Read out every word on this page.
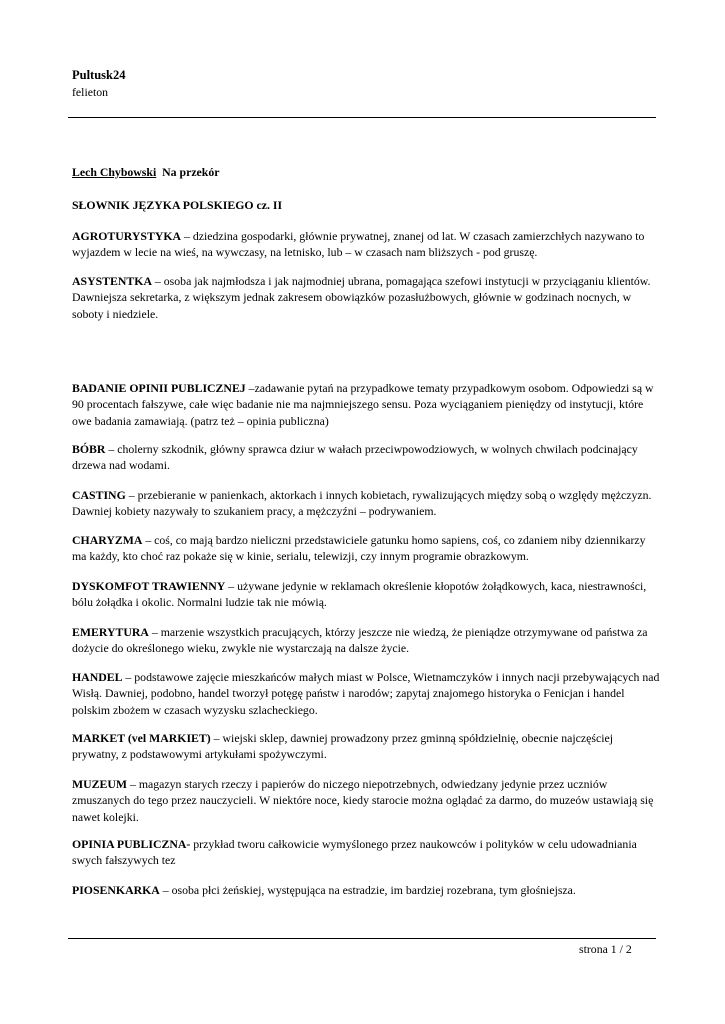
Pultusk24
felieton
Lech Chybowski Na przekór
SŁOWNIK JĘZYKA POLSKIEGO cz. II

AGROTURYSTYKA – dziedzina gospodarki, głównie prywatnej, znanej od lat. W czasach zamierzchłych nazywano to wyjazdem w lecie na wieś, na wywczasy, na letnisko, lub – w czasach nam bliższych - pod gruszę.

ASYSTENTKA – osoba jak najmłodsza i jak najmodniej ubrana, pomagająca szefowi instytucji w przyciąganiu klientów. Dawniejsza sekretarka, z większym jednak zakresem obowiązków pozasłużbowych, głównie w godzinach nocnych, w soboty i niedziele.

BADANIE OPINII PUBLICZNEJ –zadawanie pytań na przypadkowe tematy przypadkowym osobom. Odpowiedzi są w 90 procentach fałszywe, całe więc badanie nie ma najmniejszego sensu. Poza wyciąganiem pieniędzy od instytucji, które owe badania zamawiają. (patrz też – opinia publiczna)

BÓBR – cholerny szkodnik, główny sprawca dziur w wałach przeciwpowodziowych, w wolnych chwilach podcinający drzewa nad wodami.

CASTING – przebieranie w panienkach, aktorkach i innych kobietach, rywalizujących między sobą o względy mężczyzn. Dawniej kobiety nazywały to szukaniem pracy, a mężczyźni – podrywaniem.

CHARYZMA – coś, co mają bardzo nieliczni przedstawiciele gatunku homo sapiens, coś, co zdaniem niby dziennikarzy ma każdy, kto choć raz pokaże się w kinie, serialu, telewizji, czy innym programie obrazkowym.

DYSKOMFOT TRAWIENNY – używane jedynie w reklamach określenie kłopotów żołądkowych, kaca, niestrawności, bólu żołądka i okolic. Normalni ludzie tak nie mówią.

EMERYTURA – marzenie wszystkich pracujących, którzy jeszcze nie wiedzą, że pieniądze otrzymywane od państwa za dożycie do określonego wieku, zwykle nie wystarczają na dalsze życie.

HANDEL – podstawowe zajęcie mieszkańców małych miast w Polsce, Wietnamczyków i innych nacji przebywających nad Wisłą. Dawniej, podobno, handel tworzył potęgę państw i narodów; zapytaj znajomego historyka o Fenicjan i handel polskim zbożem w czasach wyzysku szlacheckiego.

MARKET (vel MARKIET) – wiejski sklep, dawniej prowadzony przez gminną spółdzielnię, obecnie najczęściej prywatny, z podstawowymi artykułami spożywczymi.

MUZEUM – magazyn starych rzeczy i papierów do niczego niepotrzebnych, odwiedzany jedynie przez uczniów zmuszanych do tego przez nauczycieli. W niektóre noce, kiedy starocie można oglądać za darmo, do muzeów ustawiają się nawet kolejki.

OPINIA PUBLICZNA- przykład tworu całkowicie wymyślonego przez naukowców i polityków w celu udowadniania swych fałszywych tez

PIOSENKARKA – osoba płci żeńskiej, występująca na estradzie, im bardziej rozebrana, tym głośniejsza.

strona 1 / 2
